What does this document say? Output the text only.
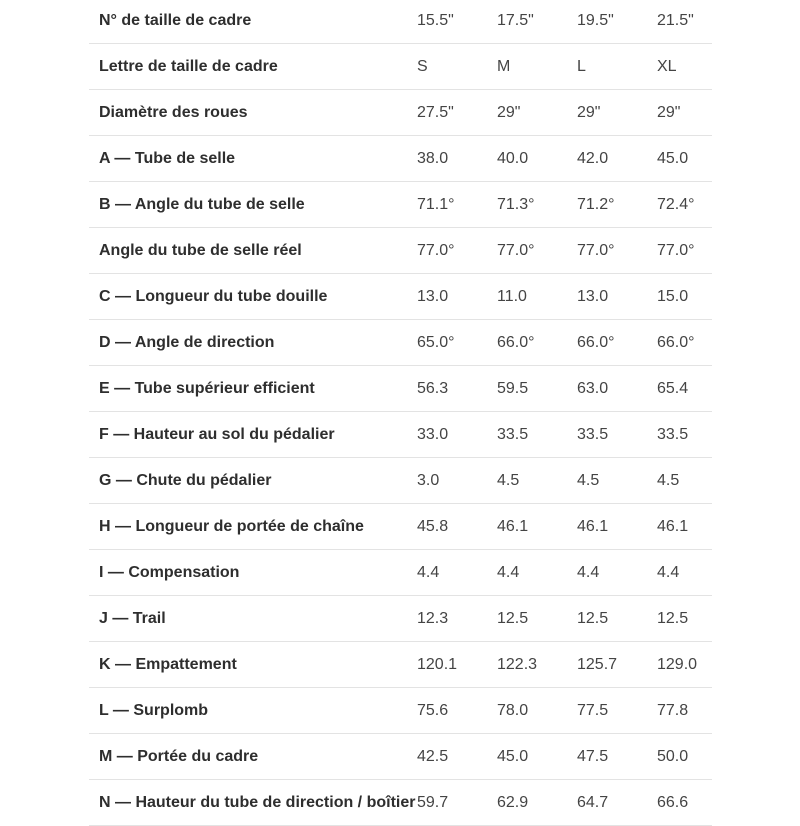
N° de taille de cadre	15.5"	17.5"	19.5"	21.5"
Lettre de taille de cadre	S	M	L	XL
Diamètre des roues	27.5"	29"	29"	29"
A — Tube de selle	38.0	40.0	42.0	45.0
B — Angle du tube de selle	71.1°	71.3°	71.2°	72.4°
Angle du tube de selle réel	77.0°	77.0°	77.0°	77.0°
C — Longueur du tube douille	13.0	11.0	13.0	15.0
D — Angle de direction	65.0°	66.0°	66.0°	66.0°
E — Tube supérieur efficient	56.3	59.5	63.0	65.4
F — Hauteur au sol du pédalier	33.0	33.5	33.5	33.5
G — Chute du pédalier	3.0	4.5	4.5	4.5
H — Longueur de portée de chaîne	45.8	46.1	46.1	46.1
I — Compensation	4.4	4.4	4.4	4.4
J — Trail	12.3	12.5	12.5	12.5
K — Empattement	120.1	122.3	125.7	129.0
L — Surplomb	75.6	78.0	77.5	77.8
M — Portée du cadre	42.5	45.0	47.5	50.0
N — Hauteur du tube de direction / boîtier	59.7	62.9	64.7	66.6
